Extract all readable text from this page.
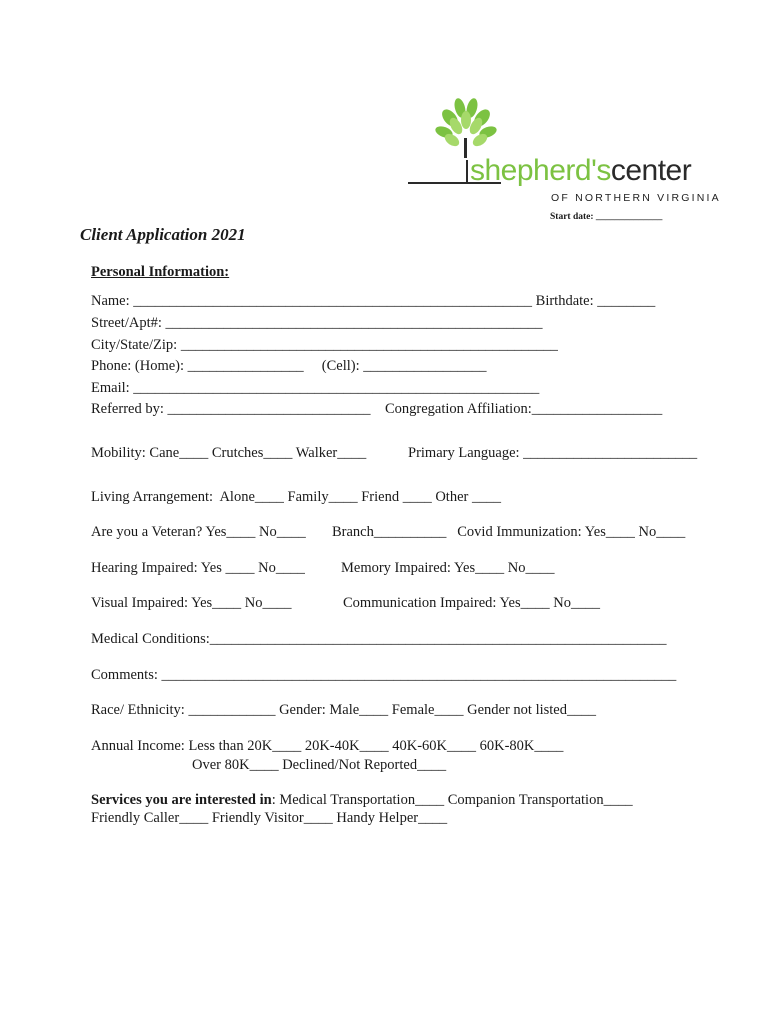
shepherd'scenter
OF NORTHERN VIRGINIA
Start date: ______________
Client Application 2021
Personal Information:
Name: _______________________________________________________ Birthdate: ________
Street/Apt#: ____________________________________________________
City/State/Zip: ____________________________________________________
Phone: (Home): ________________     (Cell): _________________
Email: ________________________________________________________
Referred by: ____________________________    Congregation Affiliation:__________________
Mobility: Cane____ Crutches____ Walker____	Primary Language: ________________________
Living Arrangement:  Alone____ Family____ Friend ____ Other ____
Are you a Veteran? Yes____ No____ Branch__________   Covid Immunization: Yes____ No____
Hearing Impaired: Yes ____ No____ Memory Impaired: Yes____ No____
Visual Impaired: Yes____ No____	Communication Impaired: Yes____ No____
Medical Conditions:_______________________________________________________________
Comments: _______________________________________________________________________
Race/ Ethnicity: ____________ Gender: Male____ Female____ Gender not listed____
Annual Income: Less than 20K____ 20K-40K____ 40K-60K____ 60K-80K____
Over 80K____ Declined/Not Reported____
Services you are interested in: Medical Transportation____ Companion Transportation____
Friendly Caller____ Friendly Visitor____ Handy Helper____
